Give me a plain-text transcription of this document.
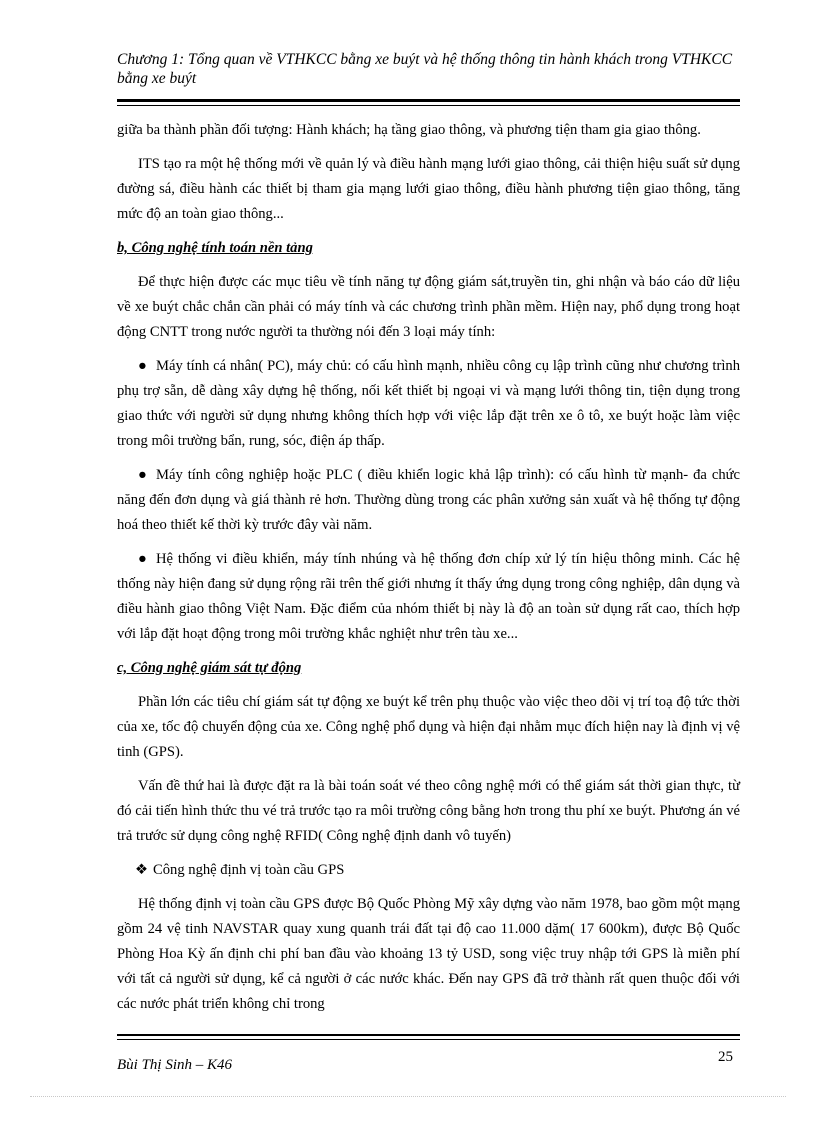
Chương 1: Tổng quan về VTHKCC bằng xe buýt và hệ thống thông tin hành khách trong VTHKCC bằng xe buýt

giữa ba thành phần đối tượng: Hành khách; hạ tầng giao thông, và phương tiện tham gia giao thông.

ITS tạo ra một hệ thống mới về quản lý và điều hành mạng lưới giao thông, cải thiện hiệu suất sử dụng đường sá, điều hành các thiết bị tham gia mạng lưới giao thông, điều hành phương tiện giao thông, tăng mức độ an toàn giao thông...

b, Công nghệ tính toán nền tảng

Để thực hiện được các mục tiêu về tính năng tự động giám sát,truyền tin, ghi nhận và báo cáo dữ liệu về xe buýt chắc chắn cần phải có máy tính và các chương trình phần mềm. Hiện nay, phổ dụng trong hoạt động CNTT trong nước người ta thường nói đến 3 loại máy tính:

● Máy tính cá nhân( PC), máy chủ: có cấu hình mạnh, nhiều công cụ lập trình cũng như chương trình phụ trợ sẵn, dễ dàng xây dựng hệ thống, nối kết thiết bị ngoại vi và mạng lưới thông tin, tiện dụng trong giao thức với người sử dụng nhưng không thích hợp với việc lắp đặt trên xe ô tô, xe buýt hoặc làm việc trong môi trường bẩn, rung, sóc, điện áp thấp.

● Máy tính công nghiệp hoặc PLC ( điều khiển logic khả lập trình): có cấu hình từ mạnh- đa chức năng đến đơn dụng và giá thành rẻ hơn. Thường dùng trong các phân xưởng sản xuất và hệ thống tự động hoá theo thiết kế thời kỳ trước đây vài năm.

● Hệ thống vi điều khiển, máy tính nhúng và hệ thống đơn chíp xử lý tín hiệu thông minh. Các hệ thống này hiện đang sử dụng rộng rãi trên thế giới nhưng ít thấy ứng dụng trong công nghiệp, dân dụng và điều hành giao thông Việt Nam. Đặc điểm của nhóm thiết bị này là độ an toàn sử dụng rất cao, thích hợp với lắp đặt hoạt động trong môi trường khắc nghiệt như trên tàu xe...

c, Công nghệ giám sát tự động

Phần lớn các tiêu chí giám sát tự động xe buýt kể trên phụ thuộc vào việc theo dõi vị trí toạ độ tức thời của xe, tốc độ chuyển động của xe. Công nghệ phổ dụng và hiện đại nhằm mục đích hiện nay là định vị vệ tinh (GPS).

Vấn đề thứ hai là được đặt ra là bài toán soát vé theo công nghệ mới có thể giám sát thời gian thực, từ đó cải tiến hình thức thu vé trả trước tạo ra môi trường công bằng hơn trong thu phí xe buýt. Phương án vé trả trước sử dụng công nghệ RFID( Công nghệ định danh vô tuyến)

❖ Công nghệ định vị toàn cầu GPS

Hệ thống định vị toàn cầu GPS được Bộ Quốc Phòng Mỹ xây dựng vào năm 1978, bao gồm một mạng gồm 24 vệ tinh NAVSTAR quay xung quanh trái đất tại độ cao 11.000 dặm( 17 600km), được Bộ Quốc Phòng Hoa Kỳ ấn định chi phí ban đầu vào khoảng 13 tỷ USD, song việc truy nhập tới GPS là miễn phí với tất cả người sử dụng, kể cả người ở các nước khác. Đến nay GPS đã trở thành rất quen thuộc đối với các nước phát triển không chỉ trong

Bùi Thị Sinh – K46	25
